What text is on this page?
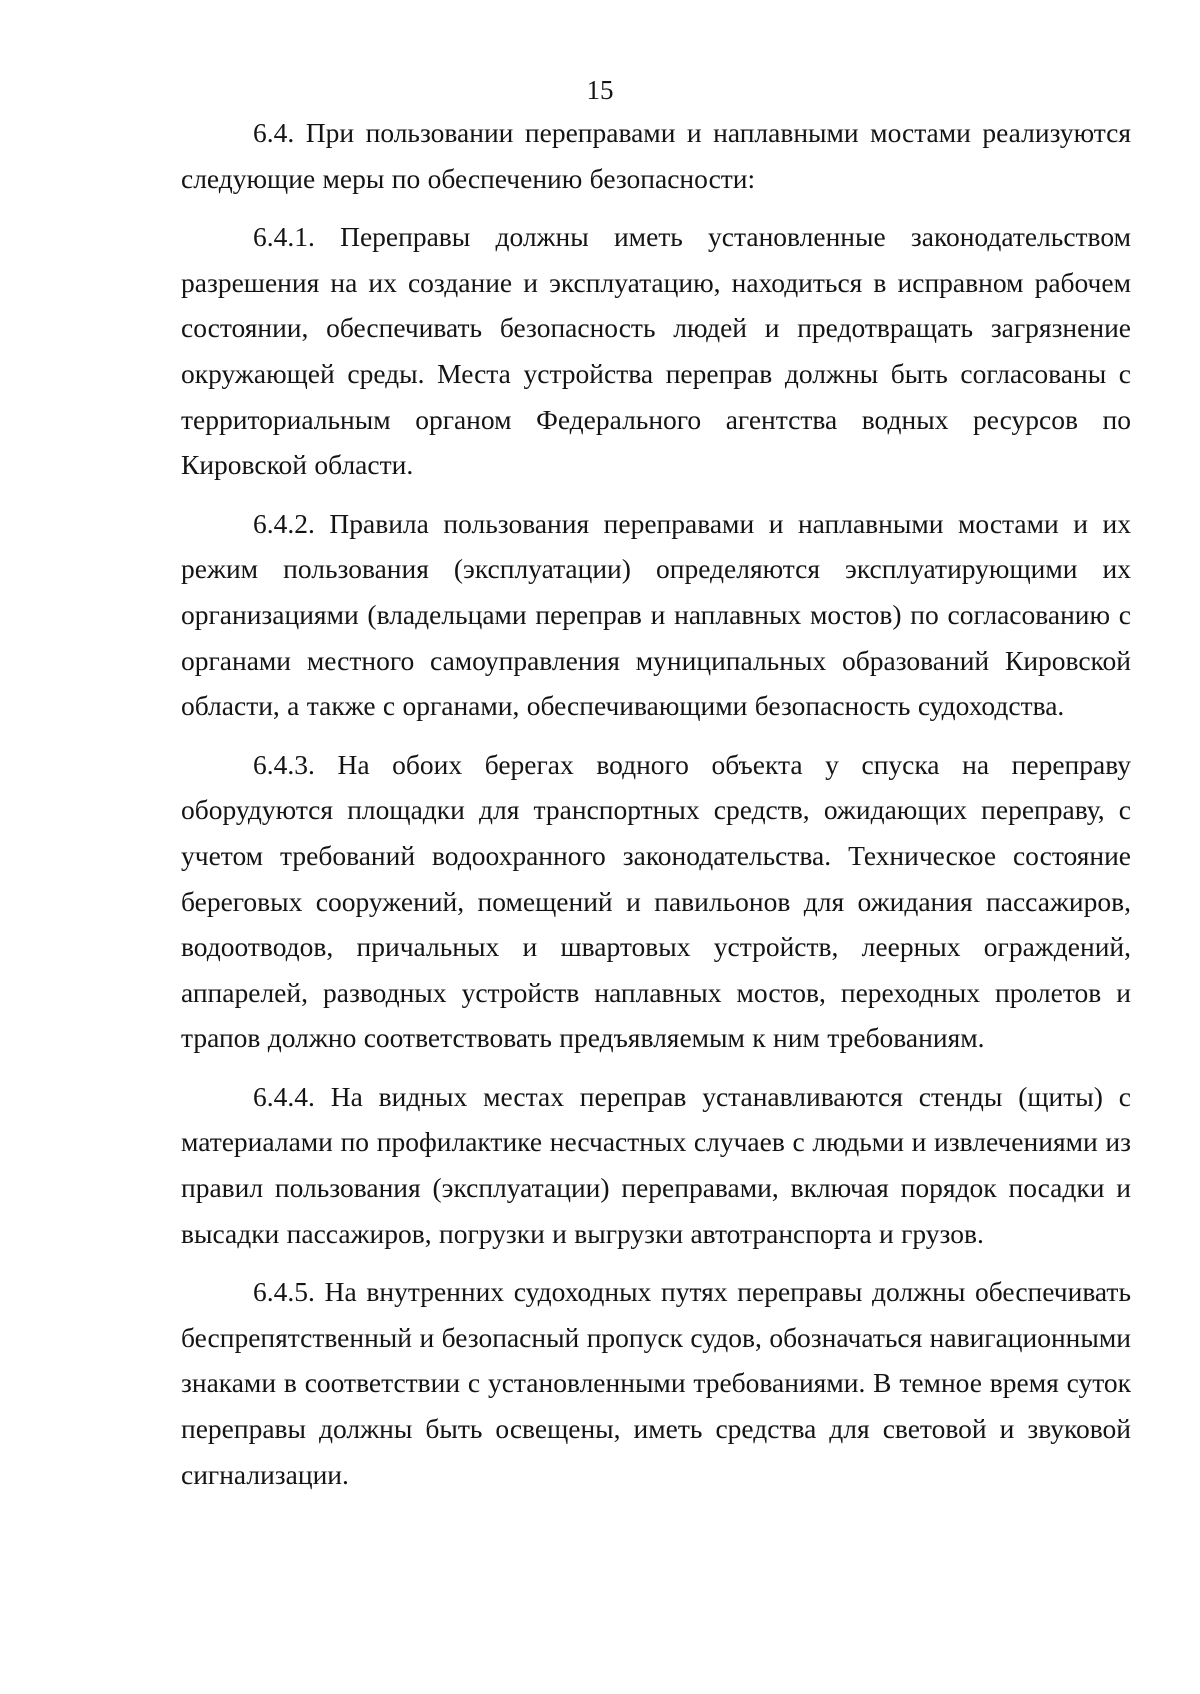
15

6.4. При пользовании переправами и наплавными мостами реализуются следующие меры по обеспечению безопасности:

6.4.1. Переправы должны иметь установленные законодательством разрешения на их создание и эксплуатацию, находиться в исправном рабочем состоянии, обеспечивать безопасность людей и предотвращать загрязнение окружающей среды. Места устройства переправ должны быть согласованы с территориальным органом Федерального агентства водных ресурсов по Кировской области.

6.4.2. Правила пользования переправами и наплавными мостами и их режим пользования (эксплуатации) определяются эксплуатирующими их организациями (владельцами переправ и наплавных мостов) по согласованию с органами местного самоуправления муниципальных образований Кировской области, а также с органами, обеспечивающими безопасность судоходства.

6.4.3. На обоих берегах водного объекта у спуска на переправу оборудуются площадки для транспортных средств, ожидающих переправу, с учетом требований водоохранного законодательства. Техническое состояние береговых сооружений, помещений и павильонов для ожидания пассажиров, водоотводов, причальных и швартовых устройств, леерных ограждений, аппарелей, разводных устройств наплавных мостов, переходных пролетов и трапов должно соответствовать предъявляемым к ним требованиям.

6.4.4. На видных местах переправ устанавливаются стенды (щиты) с материалами по профилактике несчастных случаев с людьми и извлечениями из правил пользования (эксплуатации) переправами, включая порядок посадки и высадки пассажиров, погрузки и выгрузки автотранспорта и грузов.

6.4.5. На внутренних судоходных путях переправы должны обеспечивать беспрепятственный и безопасный пропуск судов, обозначаться навигационными знаками в соответствии с установленными требованиями. В темное время суток переправы должны быть освещены, иметь средства для световой и звуковой сигнализации.
